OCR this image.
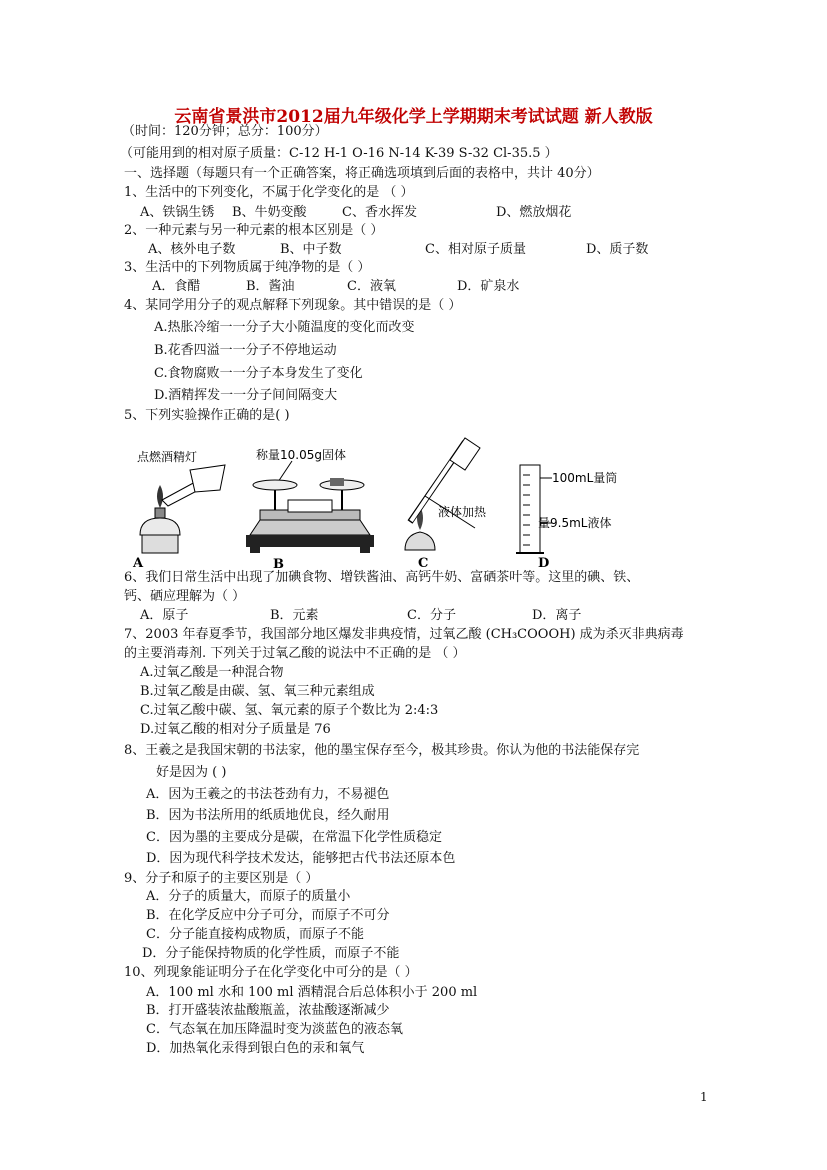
云南省景洪市2012届九年级化学上学期期末考试试题 新人教版
（时间：120分钟；总分：100分）
（可能用到的相对原子质量：C-12 H-1 O-16 N-14 K-39 S-32 Cl-35.5 ）
一、选择题（每题只有一个正确答案，将正确选项填到后面的表格中，共计 40分）
1、生活中的下列变化，不属于化学变化的是 （ ）
A、铁锅生锈 B、牛奶变酸	C、香水挥发	D、燃放烟花
2、一种元素与另一种元素的根本区别是（ ）
A、核外电子数	B、中子数	C、相对原子质量	D、质子数
3、生活中的下列物质属于纯净物的是（ ）
A．食醋	B．酱油	C．液氧	D．矿泉水
4、某同学用分子的观点解释下列现象。其中错误的是（ ）
A.热胀冷缩一一分子大小随温度的变化而改变
B.花香四溢一一分子不停地运动
C.食物腐败一一分子本身发生了变化
D.酒精挥发一一分子间间隔变大
5、下列实验操作正确的是( )
点燃酒精灯
A
称量10.05g固体
B
液体加热
C
100mL量筒
量9.5mL液体
D
6、我们日常生活中出现了加碘食物、增铁酱油、高钙牛奶、富硒茶叶等。这里的碘、铁、
钙、硒应理解为（ ）
A．原子	B．元素	C．分子	D．离子
7、2003 年春夏季节，我国部分地区爆发非典疫情，过氧乙酸 (CH₃COOOH) 成为杀灭非典病毒
的主要消毒剂. 下列关于过氧乙酸的说法中不正确的是 （ ）
A.过氧乙酸是一种混合物
B.过氧乙酸是由碳、氢、氧三种元素组成
C.过氧乙酸中碳、氢、氧元素的原子个数比为 2:4:3
D.过氧乙酸的相对分子质量是 76
8、王羲之是我国宋朝的书法家，他的墨宝保存至今，极其珍贵。你认为他的书法能保存完
好是因为 ( )
A．因为王羲之的书法苍劲有力，不易褪色
B．因为书法所用的纸质地优良，经久耐用
C．因为墨的主要成分是碳，在常温下化学性质稳定
D．因为现代科学技术发达，能够把古代书法还原本色
9、分子和原子的主要区别是（ ）
A．分子的质量大，而原子的质量小
B．在化学反应中分子可分，而原子不可分
C．分子能直接构成物质，而原子不能
D．分子能保持物质的化学性质，而原子不能
10、列现象能证明分子在化学变化中可分的是（ ）
A．100 ml 水和 100 ml 酒精混合后总体积小于 200 ml
B．打开盛装浓盐酸瓶盖，浓盐酸逐渐减少
C．气态氧在加压降温时变为淡蓝色的液态氧
D．加热氧化汞得到银白色的汞和氧气
1
